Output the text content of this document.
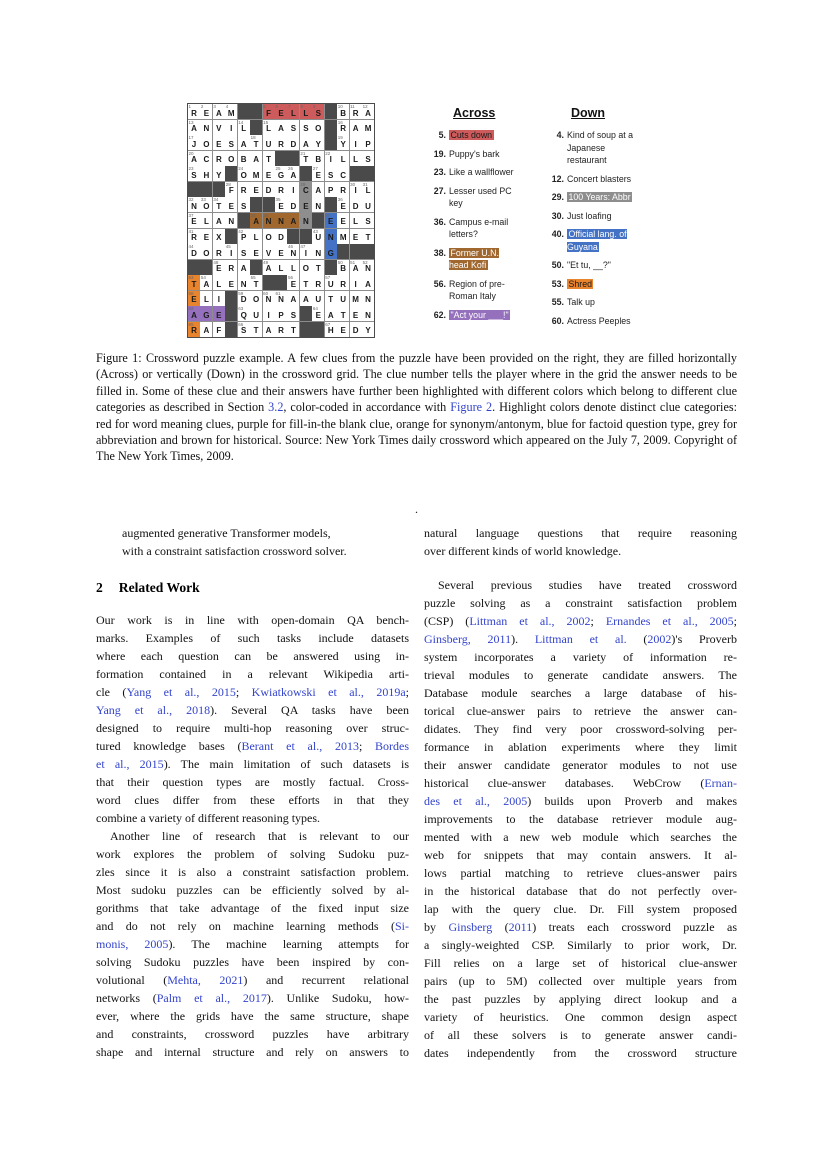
1
R
2
E
3
A
4
M
5
F
6
E
7
L
8
L
9
S
10
B
11
R
12
A
13
A N V I
14
L
15
L A S S O
16
R A M
17
J O E S A
18
T U R D A Y
19
Y I P
20
A C R O B A T
21
T B
22
I L L S
23
S H Y
24
O M E
25
G
26
A
27
E S C
28
F R E D R I
29
C A P R
30
I
31
L
32
N
33
O
34
T E S
35
E D E N
36
E D U
37
E L A N
38
A
39
N N A N
40
E E L S
41
R E X
42
P L O D
43
U N M E T
44
D O R
45
I S E V E
46
N
47
I N G
48
E R A
49
A L L O T
50
B
51
A
52
N
53
T
54
A L E N
55
T
56
E T R
57
U R I A
58
E L I
59
D O
60
N
61
N A A U T U M N
62
A G E
63
Q U I P S
64
E A T E N
65
R A F
66
S T A R T
67
H E D Y
Across
5. Cuts down
19. Puppy's bark
23. Like a wallflower
27. Lesser used PC
key
36. Campus e-mail
letters?
38. Former U.N.
head Kofi
56. Region of pre-
Roman Italy
62. "Act your ___!"
Down
4. Kind of soup at a
Japanese
restaurant
12. Concert blasters
29. 100 Years: Abbr
30. Just loafing
40. Official lang. of
Guyana
50. "Et tu, __?"
53. Shred
55. Talk up
60. Actress Peeples
Figure 1: Crossword puzzle example. A few clues from the puzzle have been provided on the right, they are filled horizontally (Across) or vertically (Down) in the crossword grid. The clue number tells the player where in the grid the answer needs to be filled in. Some of these clue and their answers have further been highlighted with different colors which belong to different clue categories as described in Section 3.2, color-coded in accordance with Figure 2. Highlight colors denote distinct clue categories: red for word meaning clues, purple for fill-in-the blank clue, orange for synonym/antonym, blue for factoid question type, grey for abbreviation and brown for historical. Source: New York Times daily crossword which appeared on the July 7, 2009. Copyright of The New York Times, 2009.
.
augmented generative Transformer models,
with a constraint satisfaction crossword solver.
2 Related Work
Our work is in line with open-domain QA bench-
marks. Examples of such tasks include datasets
where each question can be answered using in-
formation contained in a relevant Wikipedia arti-
cle (Yang et al., 2015; Kwiatkowski et al., 2019a;
Yang et al., 2018). Several QA tasks have been
designed to require multi-hop reasoning over struc-
tured knowledge bases (Berant et al., 2013; Bordes
et al., 2015). The main limitation of such datasets is
that their question types are mostly factual. Cross-
word clues differ from these efforts in that they
combine a variety of different reasoning types.
Another line of research that is relevant to our
work explores the problem of solving Sudoku puz-
zles since it is also a constraint satisfaction problem.
Most sudoku puzzles can be efficiently solved by al-
gorithms that take advantage of the fixed input size
and do not rely on machine learning methods (Si-
monis, 2005). The machine learning attempts for
solving Sudoku puzzles have been inspired by con-
volutional (Mehta, 2021) and recurrent relational
networks (Palm et al., 2017). Unlike Sudoku, how-
ever, where the grids have the same structure, shape
and constraints, crossword puzzles have arbitrary
shape and internal structure and rely on answers to
natural language questions that require reasoning
over different kinds of world knowledge.
Several previous studies have treated crossword
puzzle solving as a constraint satisfaction problem
(CSP) (Littman et al., 2002; Ernandes et al., 2005;
Ginsberg, 2011). Littman et al. (2002)'s Proverb
system incorporates a variety of information re-
trieval modules to generate candidate answers. The
Database module searches a large database of his-
torical clue-answer pairs to retrieve the answer can-
didates. They find very poor crossword-solving per-
formance in ablation experiments where they limit
their answer candidate generator modules to not use
historical clue-answer databases. WebCrow (Ernan-
des et al., 2005) builds upon Proverb and makes
improvements to the database retriever module aug-
mented with a new web module which searches the
web for snippets that may contain answers. It al-
lows partial matching to retrieve clues-answer pairs
in the historical database that do not perfectly over-
lap with the query clue. Dr. Fill system proposed
by Ginsberg (2011) treats each crossword puzzle as
a singly-weighted CSP. Similarly to prior work, Dr.
Fill relies on a large set of historical clue-answer
pairs (up to 5M) collected over multiple years from
the past puzzles by applying direct lookup and a
variety of heuristics. One common design aspect
of all these solvers is to generate answer candi-
dates independently from the crossword structure
